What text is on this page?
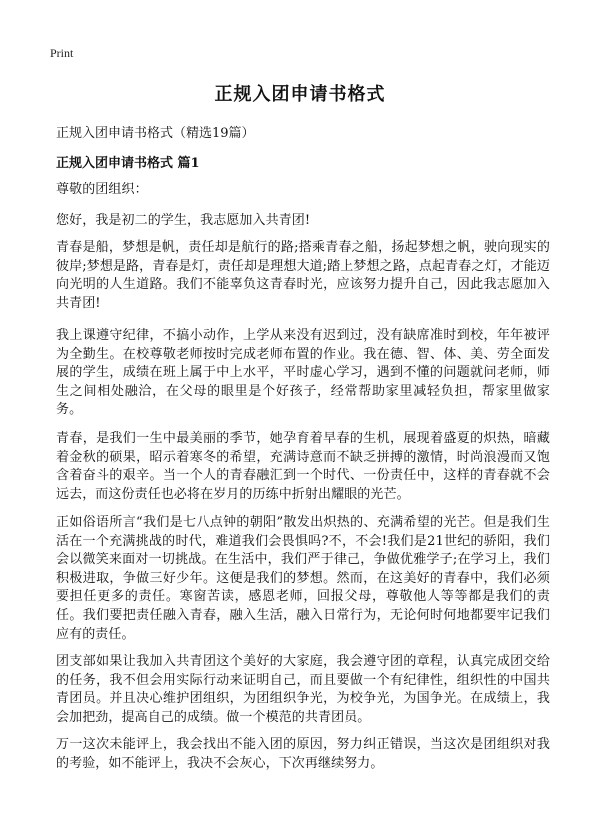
Print
正规入团申请书格式

正规入团申请书格式（精选19篇）

正规入团申请书格式 篇1

尊敬的团组织：

您好，我是初二的学生，我志愿加入共青团!

青春是船，梦想是帆，责任却是航行的路;搭乘青春之船，扬起梦想之帆，驶向现实的彼岸;梦想是路，青春是灯，责任却是理想大道;踏上梦想之路，点起青春之灯，才能迈向光明的人生道路。我们不能辜负这青春时光，应该努力提升自己，因此我志愿加入共青团!

我上课遵守纪律，不搞小动作，上学从来没有迟到过，没有缺席准时到校，年年被评为全勤生。在校尊敬老师按时完成老师布置的作业。我在德、智、体、美、劳全面发展的学生，成绩在班上属于中上水平，平时虚心学习，遇到不懂的问题就问老师，师生之间相处融洽，在父母的眼里是个好孩子，经常帮助家里减轻负担，帮家里做家务。

青春，是我们一生中最美丽的季节，她孕育着早春的生机，展现着盛夏的炽热，暗藏着金秋的硕果，昭示着寒冬的希望，充满诗意而不缺乏拼搏的激情，时尚浪漫而又饱含着奋斗的艰辛。当一个人的青春融汇到一个时代、一份责任中，这样的青春就不会远去，而这份责任也必将在岁月的历练中折射出耀眼的光芒。

正如俗语所言“我们是七八点钟的朝阳”散发出炽热的、充满希望的光芒。但是我们生活在一个充满挑战的时代，难道我们会畏惧吗?不，不会!我们是21世纪的骄阳，我们会以微笑来面对一切挑战。在生活中，我们严于律己，争做优雅学子;在学习上，我们积极进取，争做三好少年。这便是我们的梦想。然而，在这美好的青春中，我们必须要担任更多的责任。寒窗苦读，感恩老师，回报父母，尊敬他人等等都是我们的责任。我们要把责任融入青春，融入生活，融入日常行为，无论何时何地都要牢记我们应有的责任。

团支部如果让我加入共青团这个美好的大家庭，我会遵守团的章程，认真完成团交给的任务，我不但会用实际行动来证明自己，而且要做一个有纪律性，组织性的中国共青团员。并且决心维护团组织，为团组织争光，为校争光，为国争光。在成绩上，我会加把劲，提高自己的成绩。做一个模范的共青团员。

万一这次未能评上，我会找出不能入团的原因，努力纠正错误，当这次是团组织对我的考验，如不能评上，我决不会灰心，下次再继续努力。
